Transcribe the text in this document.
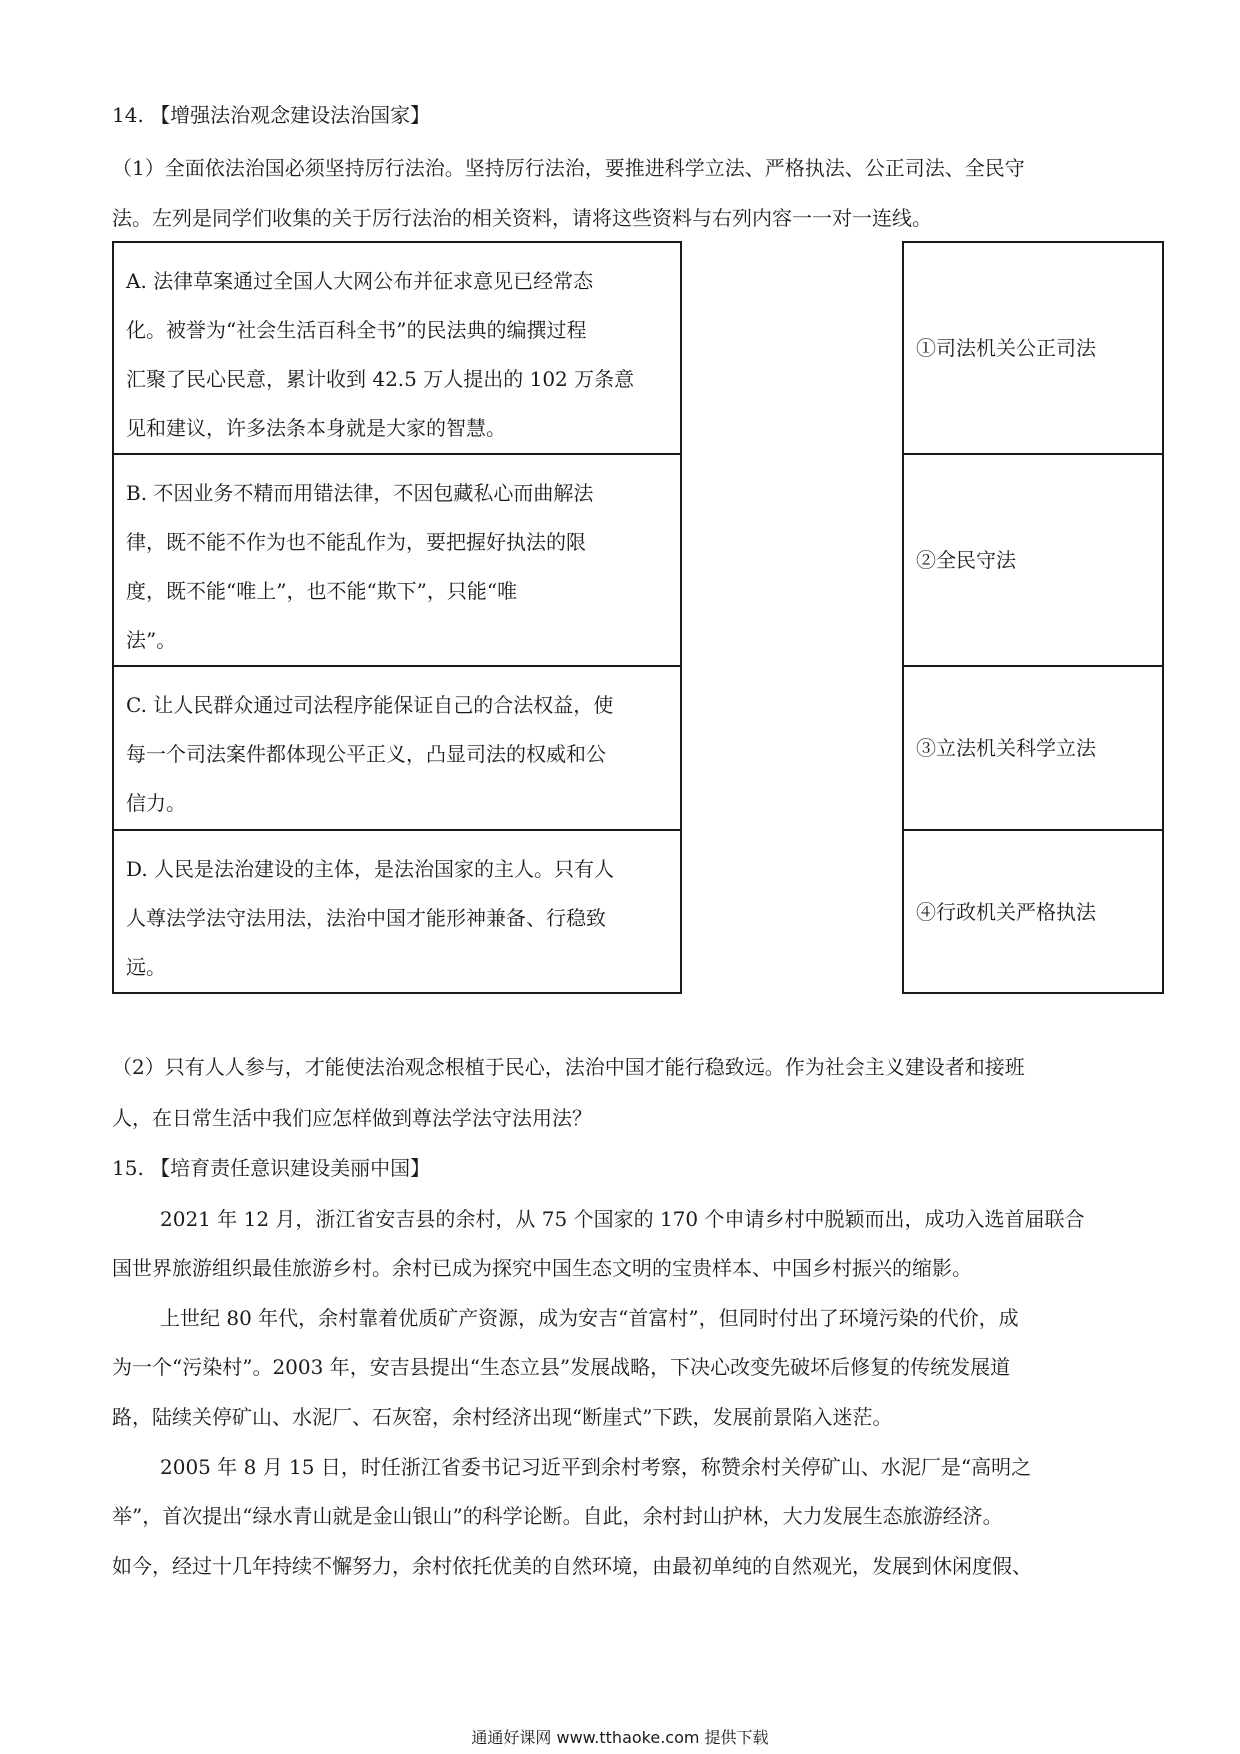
14. 【增强法治观念建设法治国家】
（1）全面依法治国必须坚持厉行法治。坚持厉行法治，要推进科学立法、严格执法、公正司法、全民守
法。左列是同学们收集的关于厉行法治的相关资料，请将这些资料与右列内容一一对一连线。
A. 法律草案通过全国人大网公布并征求意见已经常态
化。被誉为“社会生活百科全书”的民法典的编撰过程
汇聚了民心民意，累计收到 42.5 万人提出的 102 万条意
见和建议，许多法条本身就是大家的智慧。
B. 不因业务不精而用错法律，不因包藏私心而曲解法
律，既不能不作为也不能乱作为，要把握好执法的限
度，既不能“唯上”，也不能“欺下”，只能“唯
法”。
C. 让人民群众通过司法程序能保证自己的合法权益，使
每一个司法案件都体现公平正义，凸显司法的权威和公
信力。
D. 人民是法治建设的主体，是法治国家的主人。只有人
人尊法学法守法用法，法治中国才能形神兼备、行稳致
远。
①司法机关公正司法
②全民守法
③立法机关科学立法
④行政机关严格执法
（2）只有人人参与，才能使法治观念根植于民心，法治中国才能行稳致远。作为社会主义建设者和接班
人，在日常生活中我们应怎样做到尊法学法守法用法？
15. 【培育责任意识建设美丽中国】
2021 年 12 月，浙江省安吉县的余村，从 75 个国家的 170 个申请乡村中脱颖而出，成功入选首届联合
国世界旅游组织最佳旅游乡村。余村已成为探究中国生态文明的宝贵样本、中国乡村振兴的缩影。
上世纪 80 年代，余村靠着优质矿产资源，成为安吉“首富村”，但同时付出了环境污染的代价，成
为一个“污染村”。2003 年，安吉县提出“生态立县”发展战略，下决心改变先破坏后修复的传统发展道
路，陆续关停矿山、水泥厂、石灰窑，余村经济出现“断崖式”下跌，发展前景陷入迷茫。
2005 年 8 月 15 日，时任浙江省委书记习近平到余村考察，称赞余村关停矿山、水泥厂是“高明之
举”，首次提出“绿水青山就是金山银山”的科学论断。自此，余村封山护林，大力发展生态旅游经济。
如今，经过十几年持续不懈努力，余村依托优美的自然环境，由最初单纯的自然观光，发展到休闲度假、
通通好课网 www.tthaoke.com 提供下载
